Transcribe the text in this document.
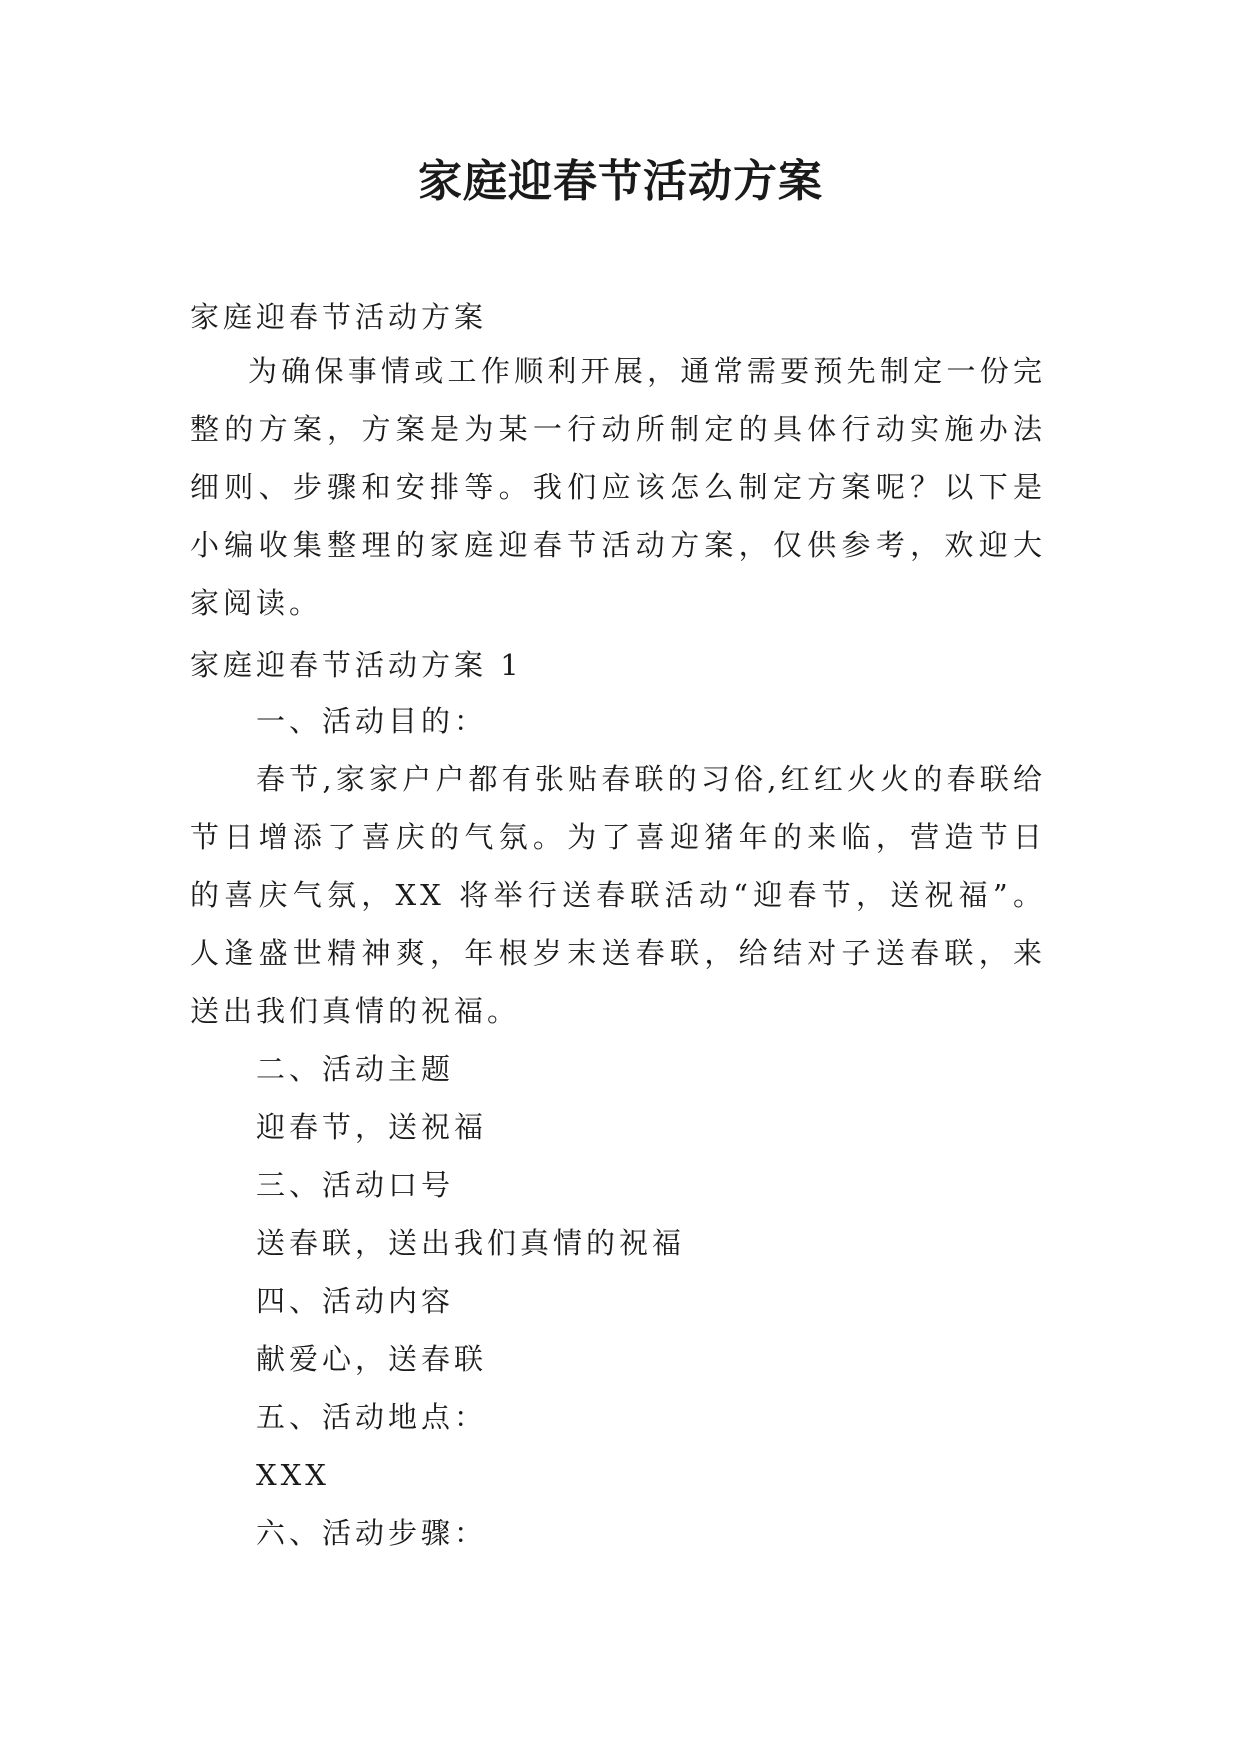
家庭迎春节活动方案

家庭迎春节活动方案

为确保事情或工作顺利开展，通常需要预先制定一份完整的方案，方案是为某一行动所制定的具体行动实施办法细则、步骤和安排等。我们应该怎么制定方案呢？以下是小编收集整理的家庭迎春节活动方案，仅供参考，欢迎大家阅读。

家庭迎春节活动方案 1

一、活动目的：

春节,家家户户都有张贴春联的习俗,红红火火的春联给节日增添了喜庆的气氛。为了喜迎猪年的来临，营造节日的喜庆气氛，XX 将举行送春联活动“迎春节，送祝福”。人逢盛世精神爽，年根岁末送春联，给结对子送春联，来送出我们真情的祝福。

二、活动主题

迎春节，送祝福

三、活动口号

送春联，送出我们真情的祝福

四、活动内容

献爱心，送春联

五、活动地点：

XXX

六、活动步骤：
